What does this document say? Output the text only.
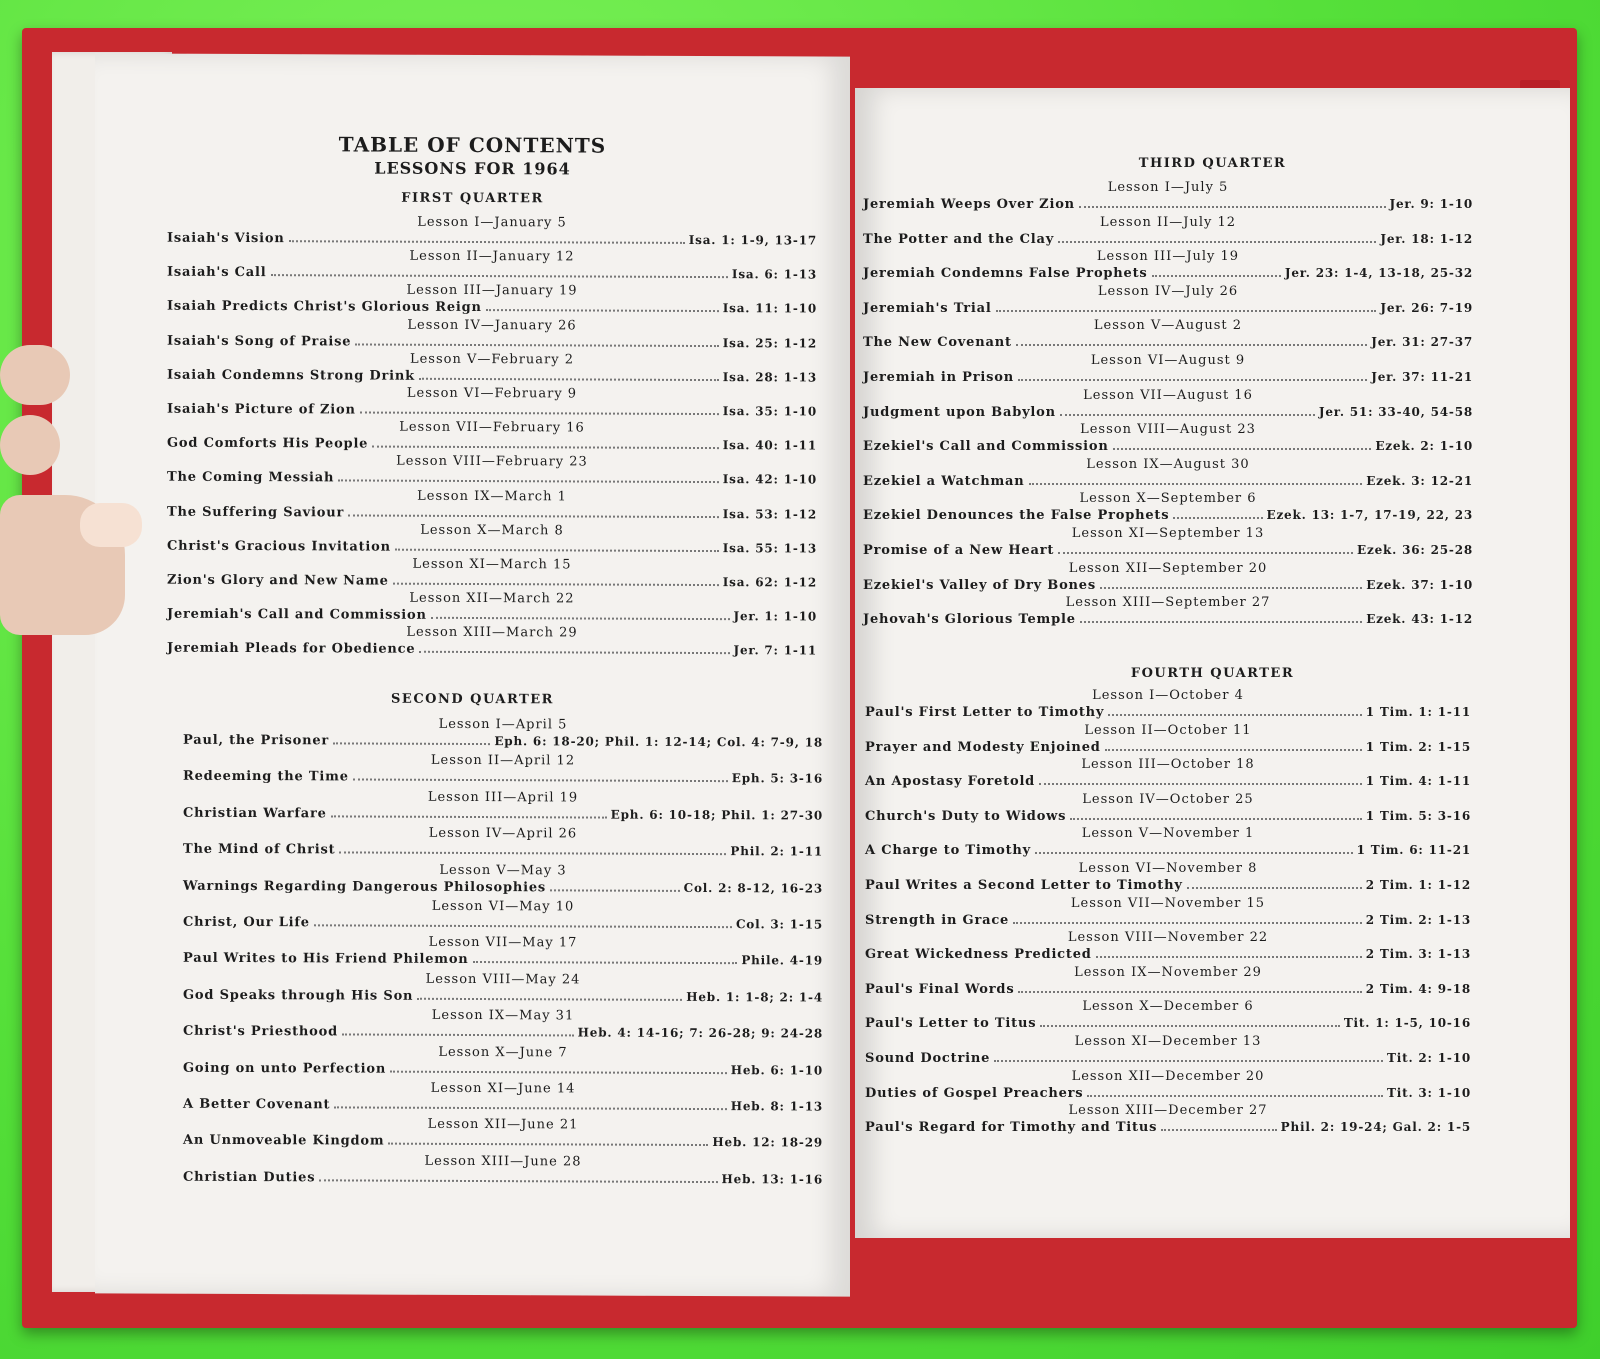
TABLE OF CONTENTS
LESSONS FOR 1964
FIRST QUARTER
Lesson I—January 5
Isaiah's Vision	Isa. 1: 1-9, 13-17
Lesson II—January 12
Isaiah's Call	Isa. 6: 1-13
Lesson III—January 19
Isaiah Predicts Christ's Glorious Reign	Isa. 11: 1-10
Lesson IV—January 26
Isaiah's Song of Praise	Isa. 25: 1-12
Lesson V—February 2
Isaiah Condemns Strong Drink	Isa. 28: 1-13
Lesson VI—February 9
Isaiah's Picture of Zion	Isa. 35: 1-10
Lesson VII—February 16
God Comforts His People	Isa. 40: 1-11
Lesson VIII—February 23
The Coming Messiah	Isa. 42: 1-10
Lesson IX—March 1
The Suffering Saviour	Isa. 53: 1-12
Lesson X—March 8
Christ's Gracious Invitation	Isa. 55: 1-13
Lesson XI—March 15
Zion's Glory and New Name	Isa. 62: 1-12
Lesson XII—March 22
Jeremiah's Call and Commission	Jer. 1: 1-10
Lesson XIII—March 29
Jeremiah Pleads for Obedience	Jer. 7: 1-11
SECOND QUARTER
Lesson I—April 5
Paul, the Prisoner	Eph. 6: 18-20; Phil. 1: 12-14; Col. 4: 7-9, 18
Lesson II—April 12
Redeeming the Time	Eph. 5: 3-16
Lesson III—April 19
Christian Warfare	Eph. 6: 10-18; Phil. 1: 27-30
Lesson IV—April 26
The Mind of Christ	Phil. 2: 1-11
Lesson V—May 3
Warnings Regarding Dangerous Philosophies	Col. 2: 8-12, 16-23
Lesson VI—May 10
Christ, Our Life	Col. 3: 1-15
Lesson VII—May 17
Paul Writes to His Friend Philemon	Phile. 4-19
Lesson VIII—May 24
God Speaks through His Son	Heb. 1: 1-8; 2: 1-4
Lesson IX—May 31
Christ's Priesthood	Heb. 4: 14-16; 7: 26-28; 9: 24-28
Lesson X—June 7
Going on unto Perfection	Heb. 6: 1-10
Lesson XI—June 14
A Better Covenant	Heb. 8: 1-13
Lesson XII—June 21
An Unmoveable Kingdom	Heb. 12: 18-29
Lesson XIII—June 28
Christian Duties	Heb. 13: 1-16
THIRD QUARTER
Lesson I—July 5
Jeremiah Weeps Over Zion	Jer. 9: 1-10
Lesson II—July 12
The Potter and the Clay	Jer. 18: 1-12
Lesson III—July 19
Jeremiah Condemns False Prophets	Jer. 23: 1-4, 13-18, 25-32
Lesson IV—July 26
Jeremiah's Trial	Jer. 26: 7-19
Lesson V—August 2
The New Covenant	Jer. 31: 27-37
Lesson VI—August 9
Jeremiah in Prison	Jer. 37: 11-21
Lesson VII—August 16
Judgment upon Babylon	Jer. 51: 33-40, 54-58
Lesson VIII—August 23
Ezekiel's Call and Commission	Ezek. 2: 1-10
Lesson IX—August 30
Ezekiel a Watchman	Ezek. 3: 12-21
Lesson X—September 6
Ezekiel Denounces the False Prophets	Ezek. 13: 1-7, 17-19, 22, 23
Lesson XI—September 13
Promise of a New Heart	Ezek. 36: 25-28
Lesson XII—September 20
Ezekiel's Valley of Dry Bones	Ezek. 37: 1-10
Lesson XIII—September 27
Jehovah's Glorious Temple	Ezek. 43: 1-12
FOURTH QUARTER
Lesson I—October 4
Paul's First Letter to Timothy	1 Tim. 1: 1-11
Lesson II—October 11
Prayer and Modesty Enjoined	1 Tim. 2: 1-15
Lesson III—October 18
An Apostasy Foretold	1 Tim. 4: 1-11
Lesson IV—October 25
Church's Duty to Widows	1 Tim. 5: 3-16
Lesson V—November 1
A Charge to Timothy	1 Tim. 6: 11-21
Lesson VI—November 8
Paul Writes a Second Letter to Timothy	2 Tim. 1: 1-12
Lesson VII—November 15
Strength in Grace	2 Tim. 2: 1-13
Lesson VIII—November 22
Great Wickedness Predicted	2 Tim. 3: 1-13
Lesson IX—November 29
Paul's Final Words	2 Tim. 4: 9-18
Lesson X—December 6
Paul's Letter to Titus	Tit. 1: 1-5, 10-16
Lesson XI—December 13
Sound Doctrine	Tit. 2: 1-10
Lesson XII—December 20
Duties of Gospel Preachers	Tit. 3: 1-10
Lesson XIII—December 27
Paul's Regard for Timothy and Titus	Phil. 2: 19-24; Gal. 2: 1-5
